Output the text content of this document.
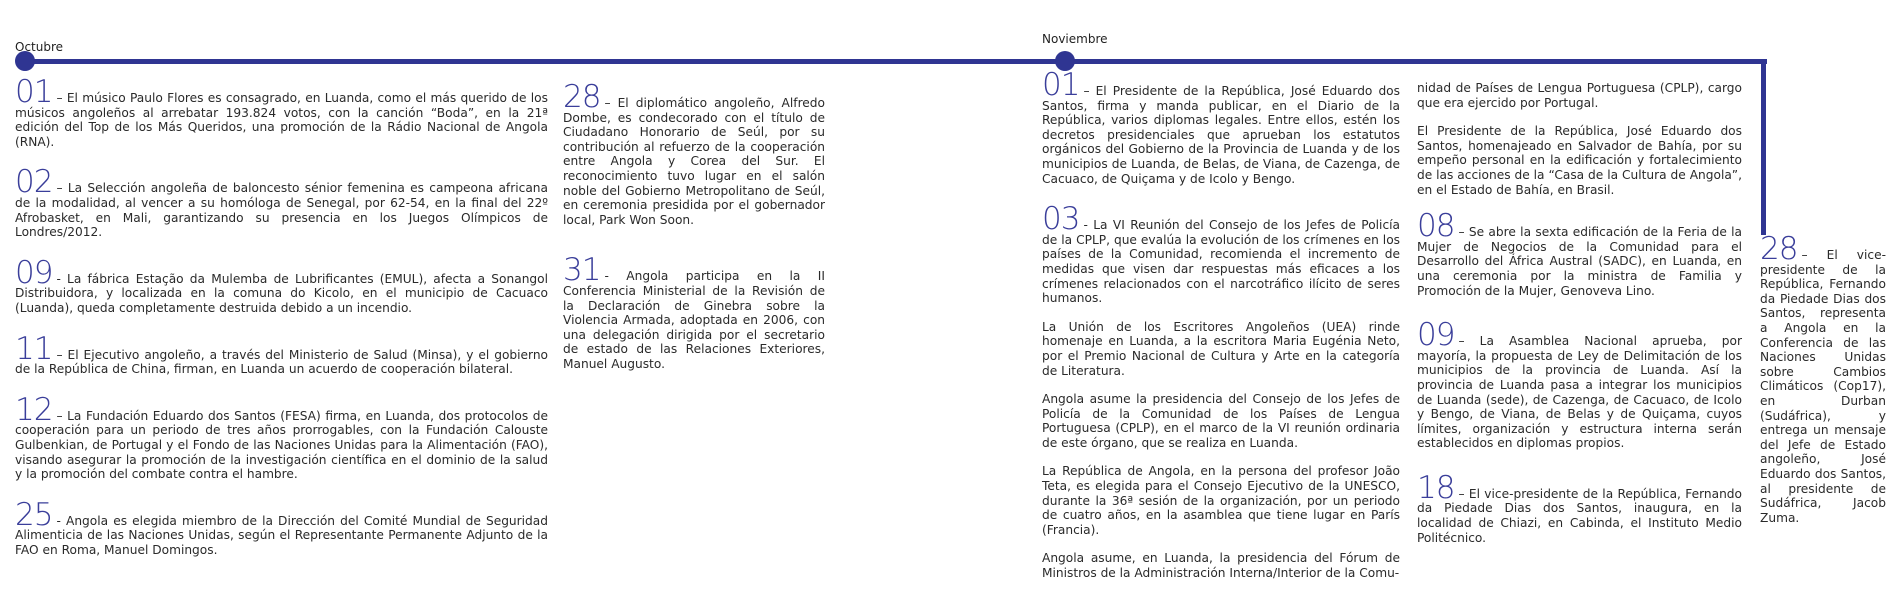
Octubre
Noviembre
01 – El músico Paulo Flores es consagrado, en Luanda, como el más querido de los músicos angoleños al arrebatar 193.824 votos, con la canción “Boda”, en la 21ª edición del Top de los Más Queridos, una promoción de la Rádio Nacional de Angola (RNA).
02 – La Selección angoleña de baloncesto sénior femenina es campeona africana de la modalidad, al vencer a su homóloga de Senegal, por 62-54, en la final del 22º Afrobasket, en Mali, garantizando su presencia en los Juegos Olímpicos de Londres/2012.
09 - La fábrica Estação da Mulemba de Lubrificantes (EMUL), afecta a Sonangol Distribuidora, y localizada en la comuna do Kicolo, en el municipio de Cacuaco (Luanda), queda completamente destruida debido a un incendio.
11 – El Ejecutivo angoleño, a través del Ministerio de Salud (Minsa), y el gobierno de la República de China, firman, en Luanda un acuerdo de cooperación bilateral.
12 – La Fundación Eduardo dos Santos (FESA) firma, en Luanda, dos protocolos de cooperación para un periodo de tres años prorrogables, con la Fundación Calouste Gulbenkian, de Portugal y el Fondo de las Naciones Unidas para la Alimentación (FAO), visando asegurar la promoción de la investigación científica en el dominio de la salud y la promoción del combate contra el hambre.
25 - Angola es elegida miembro de la Dirección del Comité Mundial de Seguridad Alimenticia de las Naciones Unidas, según el Representante Permanente Adjunto de la FAO en Roma, Manuel Domingos.
28 – El diplomático angoleño, Alfredo Dombe, es condecorado con el título de Ciudadano Honorario de Seúl, por su contribución al refuerzo de la cooperación entre Angola y Corea del Sur. El reconocimiento tuvo lugar en el salón noble del Gobierno Metropolitano de Seúl, en ceremonia presidida por el gobernador local, Park Won Soon.
31 - Angola participa en la II Conferencia Ministerial de la Revisión de la Declaración de Ginebra sobre la Violencia Armada, adoptada en 2006, con una delegación dirigida por el secretario de estado de las Relaciones Exteriores, Manuel Augusto.
01 – El Presidente de la República, José Eduardo dos Santos, firma y manda publicar, en el Diario de la República, varios diplomas legales. Entre ellos, estén los decretos presidenciales que aprueban los estatutos orgánicos del Gobierno de la Provincia de Luanda y de los municipios de Luanda, de Belas, de Viana, de Cazenga, de Cacuaco, de Quiçama y de Icolo y Bengo.
03 - La VI Reunión del Consejo de los Jefes de Policía de la CPLP, que evalúa la evolución de los crímenes en los países de la Comunidad, recomienda el incremento de medidas que visen dar respuestas más eficaces a los crímenes relacionados con el narcotráfico ilícito de seres humanos.
La Unión de los Escritores Angoleños (UEA) rinde homenaje en Luanda, a la escritora Maria Eugénia Neto, por el Premio Nacional de Cultura y Arte en la categoría de Literatura.
Angola asume la presidencia del Consejo de los Jefes de Policía de la Comunidad de los Países de Lengua Portuguesa (CPLP), en el marco de la VI reunión ordinaria de este órgano, que se realiza en Luanda.
La República de Angola, en la persona del profesor João Teta, es elegida para el Consejo Ejecutivo de la UNESCO, durante la 36ª sesión de la organización, por un periodo de cuatro años, en la asamblea que tiene lugar en París (Francia).
Angola asume, en Luanda, la presidencia del Fórum de Ministros de la Administración Interna/Interior de la Comu-
nidad de Países de Lengua Portuguesa (CPLP), cargo que era ejercido por Portugal.
El Presidente de la República, José Eduardo dos Santos, homenajeado en Salvador de Bahía, por su empeño personal en la edificación y fortalecimiento de las acciones de la “Casa de la Cultura de Angola”, en el Estado de Bahía, en Brasil.
08 – Se abre la sexta edificación de la Feria de la Mujer de Negocios de la Comunidad para el Desarrollo del África Austral (SADC), en Luanda, en una ceremonia por la ministra de Familia y Promoción de la Mujer, Genoveva Lino.
09 – La Asamblea Nacional aprueba, por mayoría, la propuesta de Ley de Delimitación de los municipios de la provincia de Luanda. Así la provincia de Luanda pasa a integrar los municipios de Luanda (sede), de Cazenga, de Cacuaco, de Icolo y Bengo, de Viana, de Belas y de Quiçama, cuyos límites, organización y estructura interna serán establecidos en diplomas propios.
18 – El vice-presidente de la República, Fernando da Piedade Dias dos Santos, inaugura, en la localidad de Chiazi, en Cabinda, el Instituto Medio Politécnico.
28 – El vice-presidente de la República, Fernando da Piedade Dias dos Santos, representa a Angola en la Conferencia de las Naciones Unidas sobre Cambios Climáticos (Cop17), en Durban (Sudáfrica), y entrega un mensaje del Jefe de Estado angoleño, José Eduardo dos Santos, al presidente de Sudáfrica, Jacob Zuma.
